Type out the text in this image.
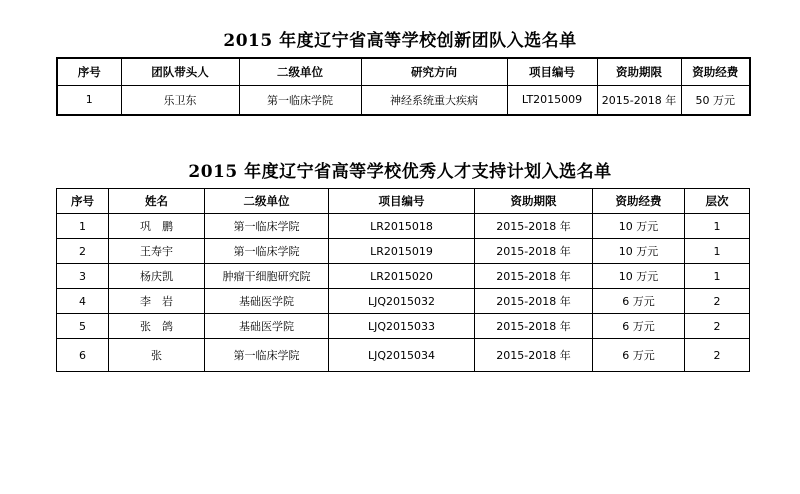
2015 年度辽宁省高等学校创新团队入选名单
序号	团队带头人	二级单位	研究方向	项目编号	资助期限	资助经费
1	乐卫东	第一临床学院	神经系统重大疾病	LT2015009	2015-2018 年	50 万元
2015 年度辽宁省高等学校优秀人才支持计划入选名单
序号	姓名	二级单位	项目编号	资助期限	资助经费	层次
1	巩　鹏	第一临床学院	LR2015018	2015-2018 年	10 万元	1
2	王寿宇	第一临床学院	LR2015019	2015-2018 年	10 万元	1
3	杨庆凯	肿瘤干细胞研究院	LR2015020	2015-2018 年	10 万元	1
4	李　岩	基础医学院	LJQ2015032	2015-2018 年	6 万元	2
5	张　鸽	基础医学院	LJQ2015033	2015-2018 年	6 万元	2
6	张　　	第一临床学院	LJQ2015034	2015-2018 年	6 万元	2
